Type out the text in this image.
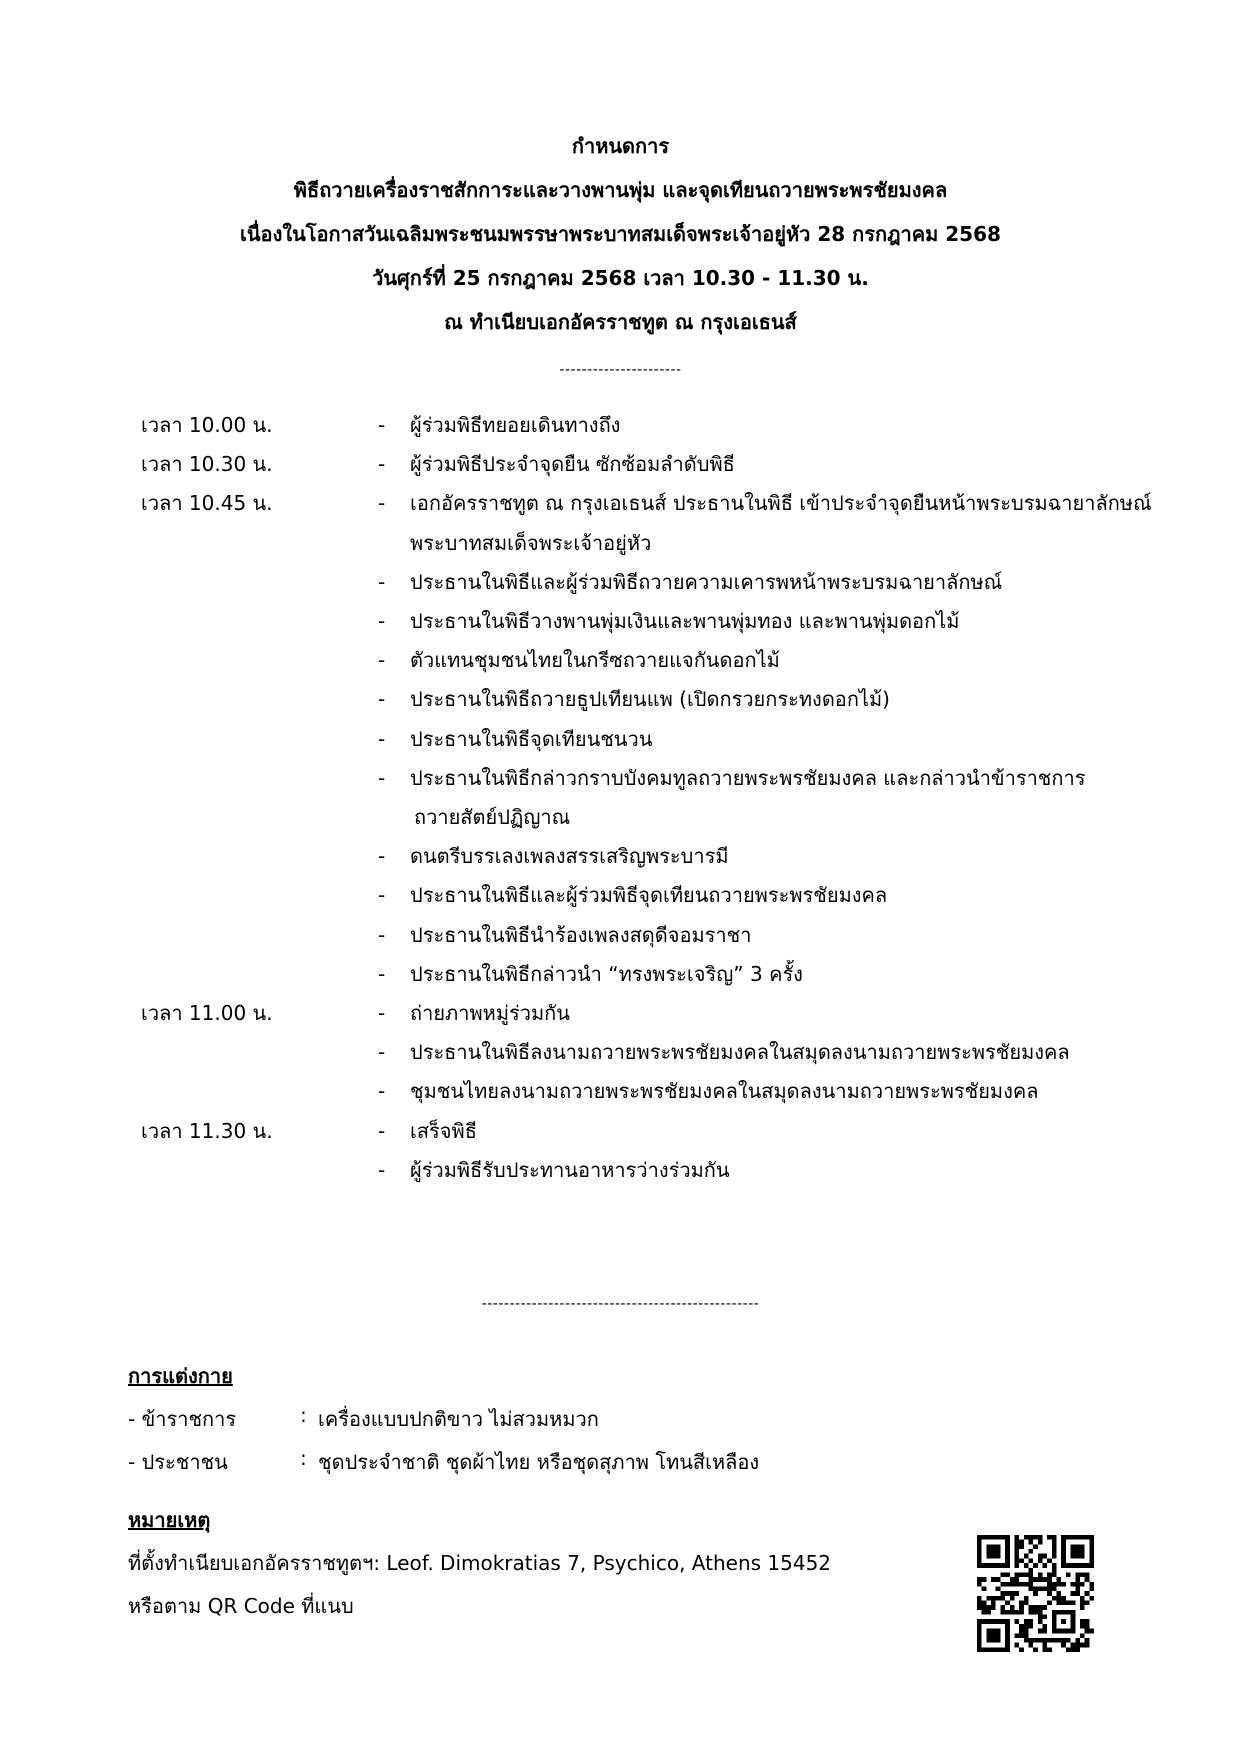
กำหนดการ
พิธีถวายเครื่องราชสักการะและวางพานพุ่ม และจุดเทียนถวายพระพรชัยมงคล
เนื่องในโอกาสวันเฉลิมพระชนมพรรษาพระบาทสมเด็จพระเจ้าอยู่หัว 28 กรกฎาคม 2568
วันศุกร์ที่ 25 กรกฎาคม 2568 เวลา 10.30 - 11.30 น.
ณ ทำเนียบเอกอัครราชทูต ณ กรุงเอเธนส์
----------------------
เวลา 10.00 น.	- ผู้ร่วมพิธีทยอยเดินทางถึง
เวลา 10.30 น.	- ผู้ร่วมพิธีประจำจุดยืน ซักซ้อมลำดับพิธี
เวลา 10.45 น.	- เอกอัครราชทูต ณ กรุงเอเธนส์ ประธานในพิธี เข้าประจำจุดยืนหน้าพระบรมฉายาลักษณ์
พระบาทสมเด็จพระเจ้าอยู่หัว
- ประธานในพิธีและผู้ร่วมพิธีถวายความเคารพหน้าพระบรมฉายาลักษณ์
- ประธานในพิธีวางพานพุ่มเงินและพานพุ่มทอง และพานพุ่มดอกไม้
- ตัวแทนชุมชนไทยในกรีซถวายแจกันดอกไม้
- ประธานในพิธีถวายธูปเทียนแพ (เปิดกรวยกระทงดอกไม้)
- ประธานในพิธีจุดเทียนชนวน
- ประธานในพิธีกล่าวกราบบังคมทูลถวายพระพรชัยมงคล และกล่าวนำข้าราชการ
ถวายสัตย์ปฏิญาณ
- ดนตรีบรรเลงเพลงสรรเสริญพระบารมี
- ประธานในพิธีและผู้ร่วมพิธีจุดเทียนถวายพระพรชัยมงคล
- ประธานในพิธีนำร้องเพลงสดุดีจอมราชา
- ประธานในพิธีกล่าวนำ “ทรงพระเจริญ” 3 ครั้ง
เวลา 11.00 น.	- ถ่ายภาพหมู่ร่วมกัน
- ประธานในพิธีลงนามถวายพระพรชัยมงคลในสมุดลงนามถวายพระพรชัยมงคล
- ชุมชนไทยลงนามถวายพระพรชัยมงคลในสมุดลงนามถวายพระพรชัยมงคล
เวลา 11.30 น.	- เสร็จพิธี
- ผู้ร่วมพิธีรับประทานอาหารว่างร่วมกัน
--------------------------------------------------
การแต่งกาย
- ข้าราชการ	: เครื่องแบบปกติขาว ไม่สวมหมวก
- ประชาชน	: ชุดประจำชาติ ชุดผ้าไทย หรือชุดสุภาพ โทนสีเหลือง
หมายเหตุ
ที่ตั้งทำเนียบเอกอัครราชทูตฯ: Leof. Dimokratias 7, Psychico, Athens 15452
หรือตาม QR Code ที่แนบ
